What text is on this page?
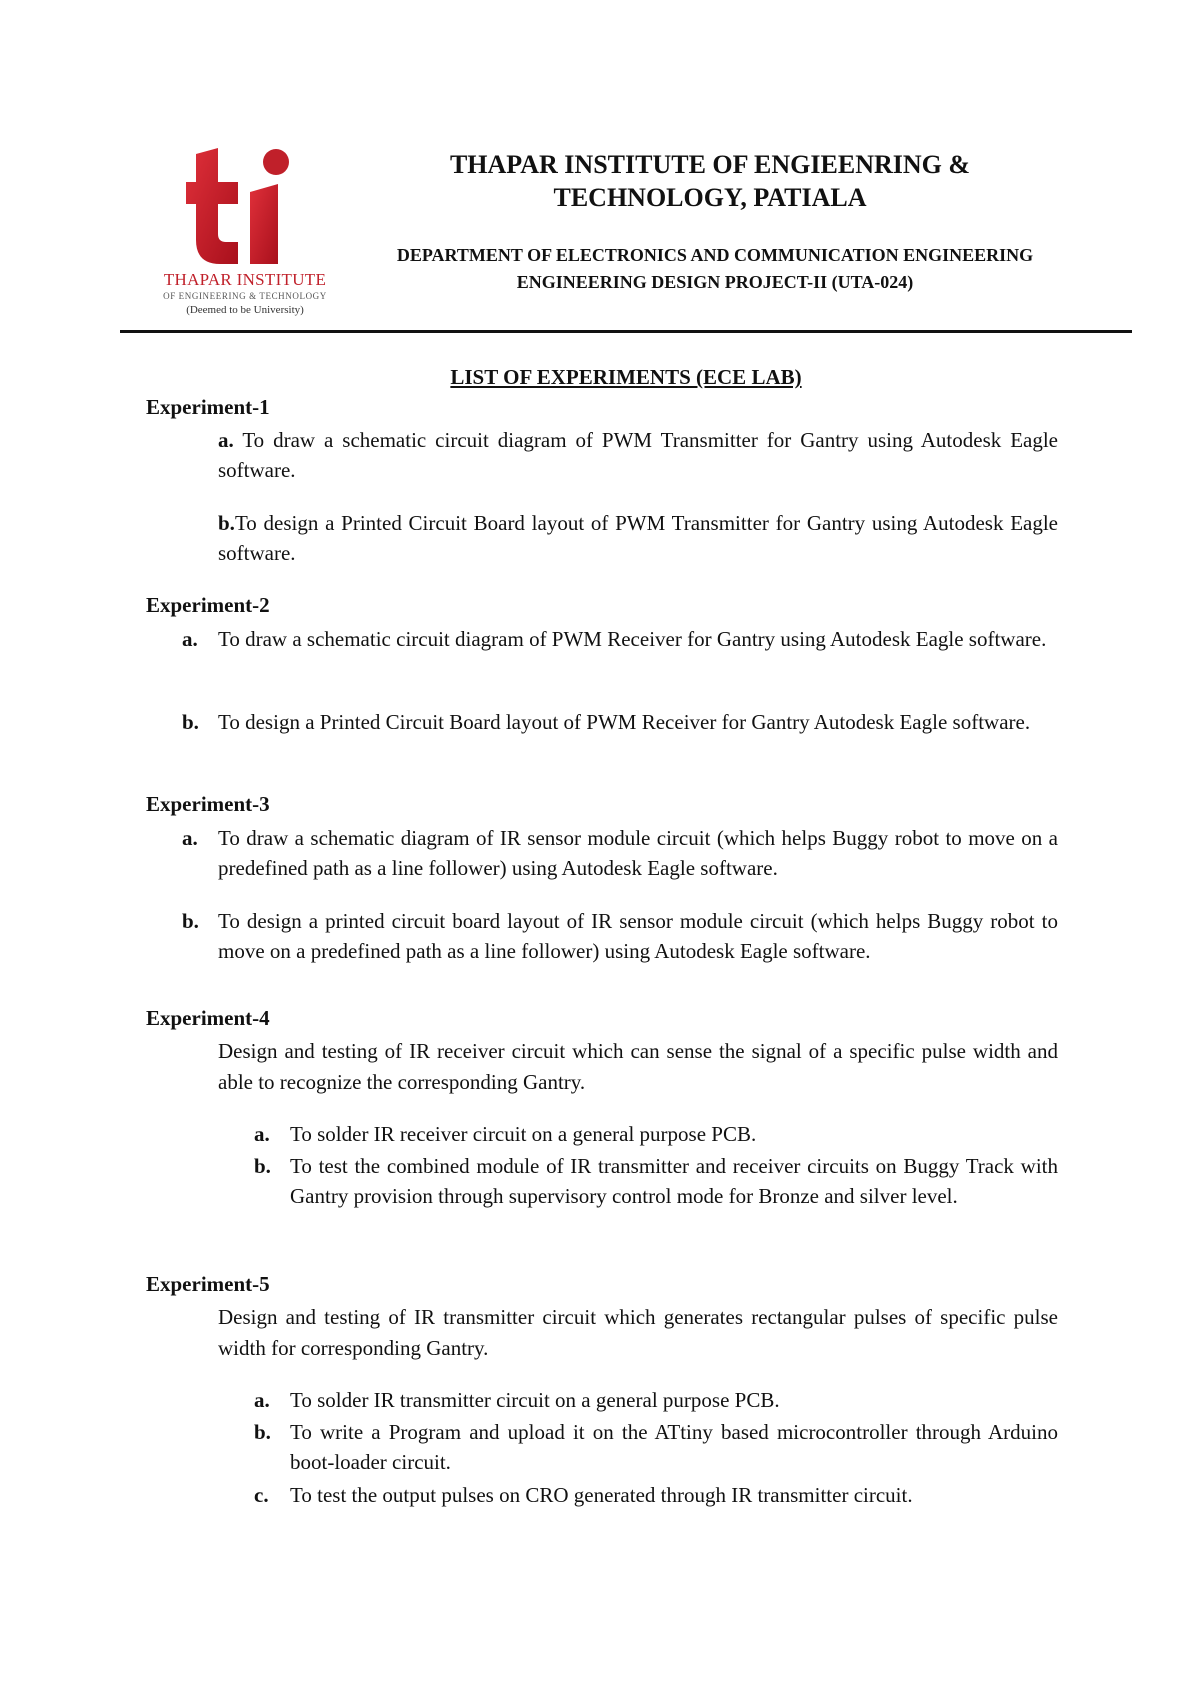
THAPAR INSTITUTE
OF ENGINEERING & TECHNOLOGY
(Deemed to be University)
THAPAR INSTITUTE OF ENGIEENRING &
TECHNOLOGY, PATIALA
DEPARTMENT OF ELECTRONICS AND COMMUNICATION ENGINEERING
ENGINEERING DESIGN PROJECT-II (UTA-024)
LIST OF EXPERIMENTS (ECE LAB)
Experiment-1
a. To draw a schematic circuit diagram of PWM Transmitter for Gantry using Autodesk Eagle software.
b.To design a Printed Circuit Board layout of PWM Transmitter for Gantry using Autodesk Eagle software.
Experiment-2
a. To draw a schematic circuit diagram of PWM Receiver for Gantry using Autodesk Eagle software.
b. To design a Printed Circuit Board layout of PWM Receiver for Gantry Autodesk Eagle software.
Experiment-3
a. To draw a schematic diagram of IR sensor module circuit (which helps Buggy robot to move on a predefined path as a line follower) using Autodesk Eagle software.
b. To design a printed circuit board layout of IR sensor module circuit (which helps Buggy robot to move on a predefined path as a line follower) using Autodesk Eagle software.
Experiment-4
Design and testing of IR receiver circuit which can sense the signal of a specific pulse width and able to recognize the corresponding Gantry.
a. To solder IR receiver circuit on a general purpose PCB.
b. To test the combined module of IR transmitter and receiver circuits on Buggy Track with Gantry provision through supervisory control mode for Bronze and silver level.
Experiment-5
Design and testing of IR transmitter circuit which generates rectangular pulses of specific pulse width for corresponding Gantry.
a. To solder IR transmitter circuit on a general purpose PCB.
b. To write a Program and upload it on the ATtiny based microcontroller through Arduino boot-loader circuit.
c.	To test the output pulses on CRO generated through IR transmitter circuit.
